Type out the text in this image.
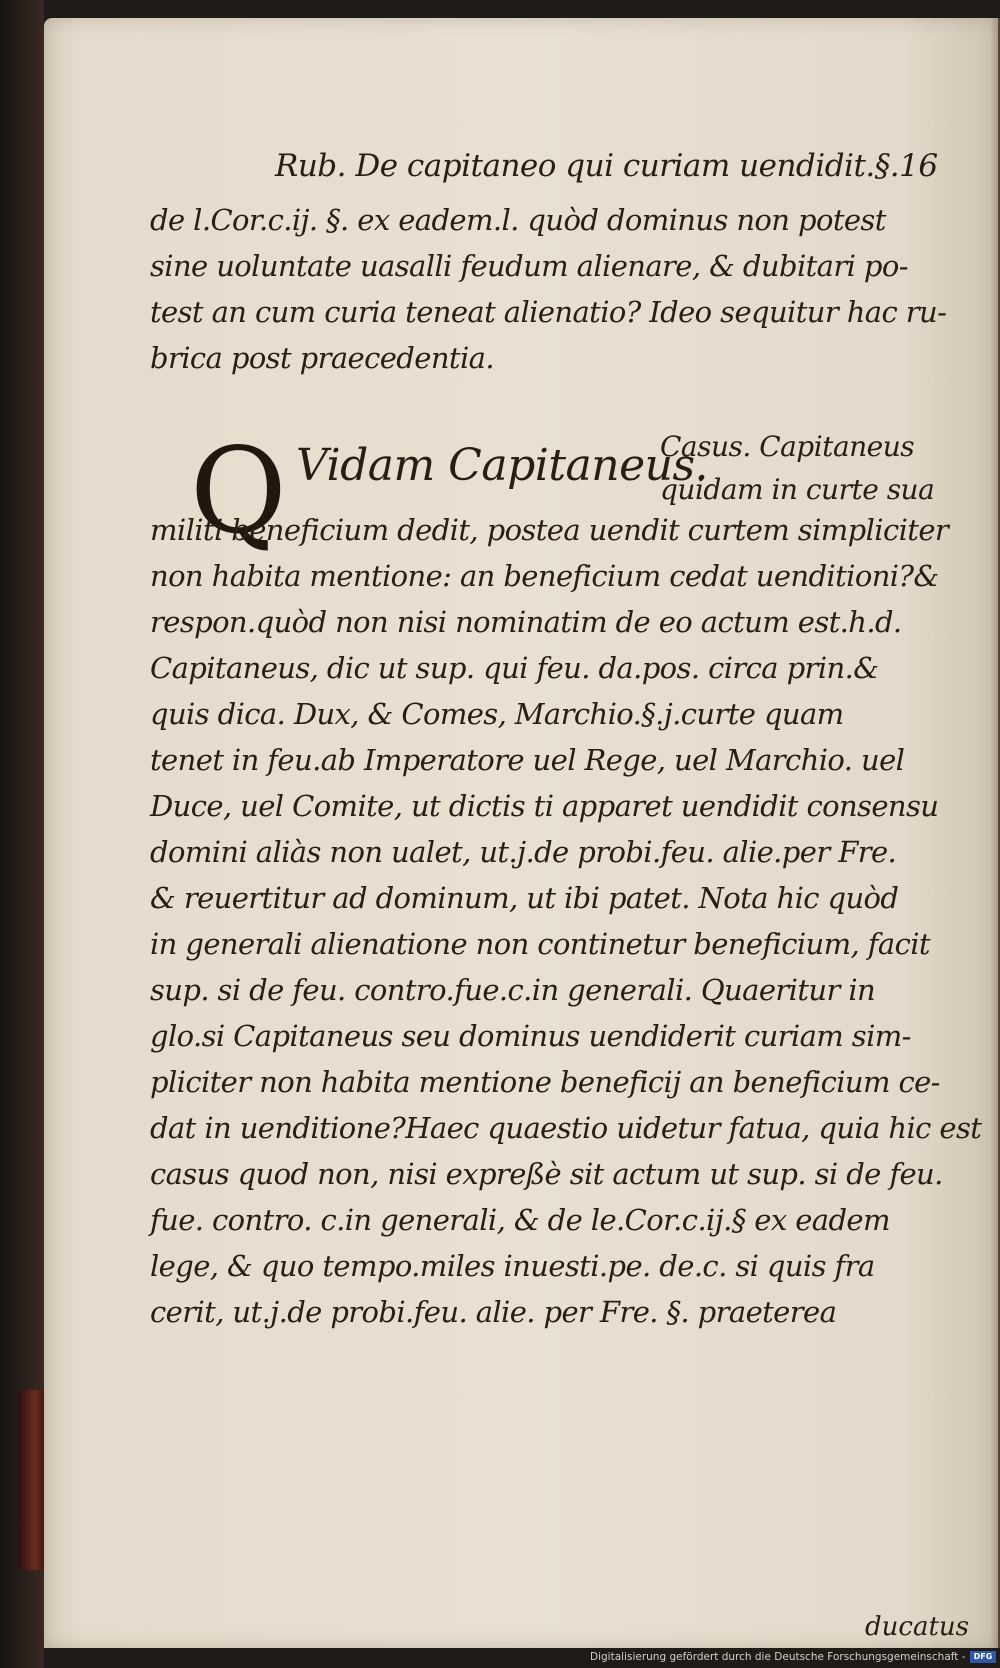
Rub. De capitaneo qui curiam uendidit.§.16
de l.Cor.c.ij. §. ex eadem.l. quòd dominus non potest
sine uoluntate uasalli feudum alienare, & dubitari po-
test an cum curia teneat alienatio? Ideo sequitur hac ru-
brica post praecedentia.
Q Vidam Capitaneus.
Casus. Capitaneus
quidam in curte sua
militi beneficium dedit, postea uendit curtem simpliciter
non habita mentione: an beneficium cedat uenditioni?&
respon.quòd non nisi nominatim de eo actum est.h.d.
Capitaneus, dic ut sup. qui feu. da.pos. circa prin.&
quis dica. Dux, & Comes, Marchio.§.j.curte quam
tenet in feu.ab Imperatore uel Rege, uel Marchio. uel
Duce, uel Comite, ut dictis ti apparet uendidit consensu
domini aliàs non ualet, ut.j.de probi.feu. alie.per Fre.
& reuertitur ad dominum, ut ibi patet. Nota hic quòd
in generali alienatione non continetur beneficium, facit
sup. si de feu. contro.fue.c.in generali. Quaeritur in
glo.si Capitaneus seu dominus uendiderit curiam sim-
pliciter non habita mentione beneficij an beneficium ce-
dat in uenditione?Haec quaestio uidetur fatua, quia hic est
casus quod non, nisi expreßè sit actum ut sup. si de feu.
fue. contro. c.in generali, & de le.Cor.c.ij.§ ex eadem
lege, & quo tempo.miles inuesti.pe. de.c. si quis fra
cerit, ut.j.de probi.feu. alie. per Fre. §. praeterea
ducatus
Digitalisierung gefördert durch die Deutsche Forschungsgemeinschaft -	DFG
